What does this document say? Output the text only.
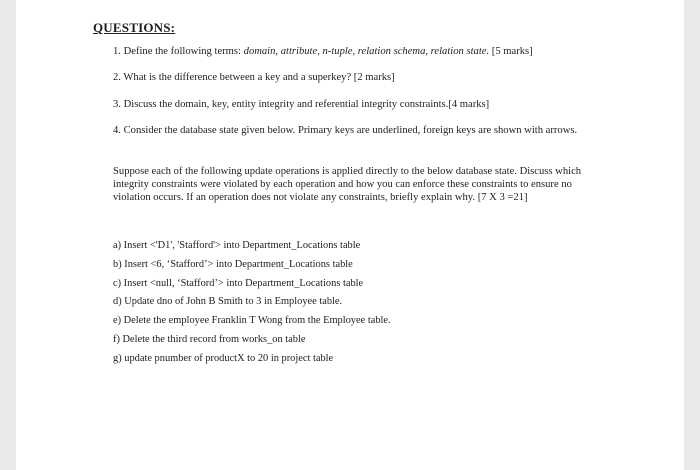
QUESTIONS:
1. Define the following terms: domain, attribute, n-tuple, relation schema, relation state. [5 marks]
2. What is the difference between a key and a superkey? [2 marks]
3. Discuss the domain, key, entity integrity and referential integrity constraints.[4 marks]
4. Consider the database state given below. Primary keys are underlined, foreign keys are shown with arrows.
Suppose each of the following update operations is applied directly to the below database state. Discuss which integrity constraints were violated by each operation and how you can enforce these constraints to ensure no violation occurs. If an operation does not violate any constraints, briefly explain why. [7 X 3 =21]
a) Insert <'D1', 'Stafford'> into Department_Locations table
b) Insert <6, ‘Stafford’> into Department_Locations table
c) Insert <null, ‘Stafford’> into Department_Locations table
d) Update dno of John B Smith to 3 in Employee table.
e) Delete the employee Franklin T Wong from the Employee table.
f) Delete the third record from works_on table
g) update pnumber of productX to 20 in project table
